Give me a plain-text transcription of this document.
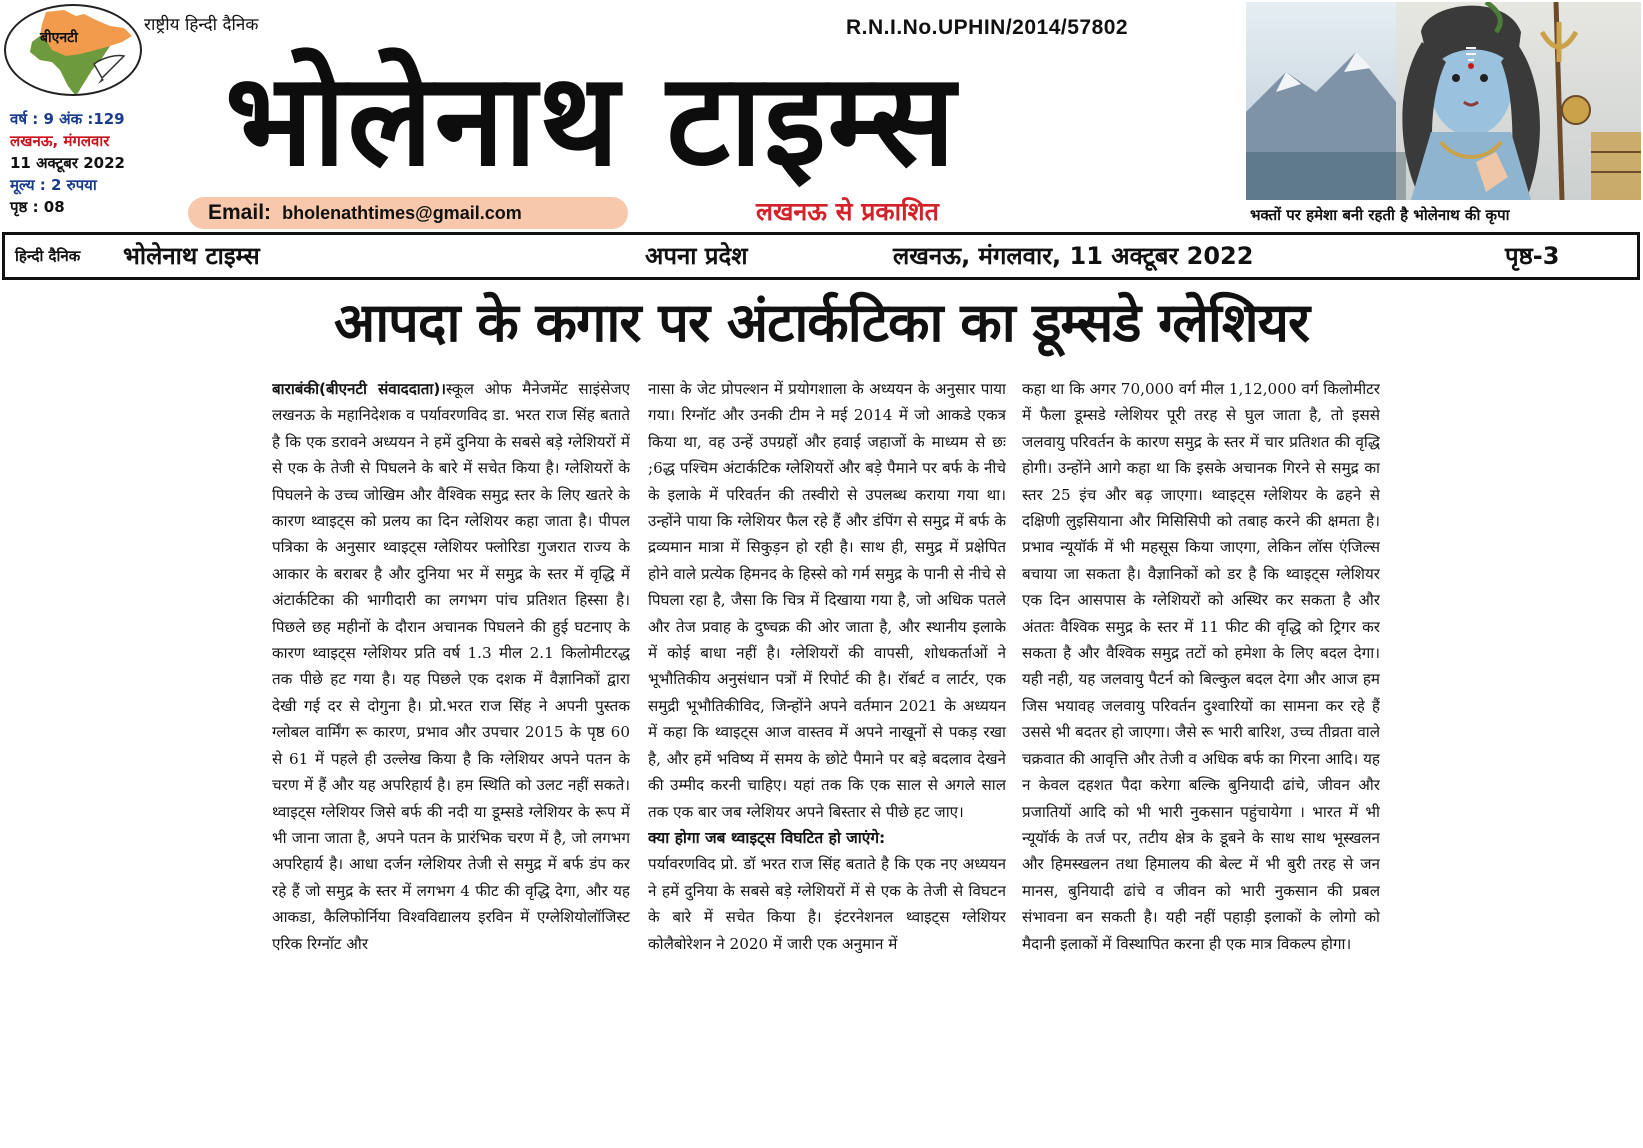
बीएनटी
राष्ट्रीय हिन्दी दैनिक
वर्ष : 9 अंक :129
लखनऊ, मंगलवार
11 अक्टूबर 2022
मूल्य : 2 रुपया
पृष्ठ : 08
R.N.I.No.UPHIN/2014/57802
भोलेनाथ टाइम्स
Email: bholenathtimes@gmail.com	लखनऊ से प्रकाशित	भक्तों पर हमेशा बनी रहती है भोलेनाथ की कृपा
हिन्दी दैनिक भोलेनाथ टाइम्स	अपना प्रदेश	लखनऊ, मंगलवार, 11 अक्टूबर 2022	पृष्ठ-3
आपदा के कगार पर अंटार्कटिका का डूम्सडे ग्लेशियर
बाराबंकी(बीएनटी संवाददाता)।स्कूल ओफ मैनेजमेंट साइंसेजए लखनऊ के महानिदेशक व पर्यावरणविद डा. भरत राज सिंह बताते है कि एक डरावने अध्ययन ने हमें दुनिया के सबसे बड़े ग्लेशियरों में से एक के तेजी से पिघलने के बारे में सचेत किया है। ग्लेशियरों के पिघलने के उच्च जोखिम और वैश्विक समुद्र स्तर के लिए खतरे के कारण थ्वाइट्स को प्रलय का दिन ग्लेशियर कहा जाता है। पीपल पत्रिका के अनुसार थ्वाइट्स ग्लेशियर फ्लोरिडा गुजरात राज्य के आकार के बराबर है और दुनिया भर में समुद्र के स्तर में वृद्धि में अंटार्कटिका की भागीदारी का लगभग पांच प्रतिशत हिस्सा है। पिछले छह महीनों के दौरान अचानक पिघलने की हुई घटनाए के कारण थ्वाइट्स ग्लेशियर प्रति वर्ष 1.3 मील 2.1 किलोमीटरद्ध तक पीछे हट गया है। यह पिछले एक दशक में वैज्ञानिकों द्वारा देखी गई दर से दोगुना है। प्रो.भरत राज सिंह ने अपनी पुस्तक ग्लोबल वार्मिंग रू कारण, प्रभाव और उपचार 2015 के पृष्ठ 60 से 61 में पहले ही उल्लेख किया है कि ग्लेशियर अपने पतन के चरण में हैं और यह अपरिहार्य है। हम स्थिति को उलट नहीं सकते।थ्वाइट्स ग्लेशियर जिसे बर्फ की नदी या डूम्सडे ग्लेशियर के रूप में भी जाना जाता है, अपने पतन के प्रारंभिक चरण में है, जो लगभग अपरिहार्य है। आधा दर्जन ग्लेशियर तेजी से समुद्र में बर्फ डंप कर रहे हैं जो समुद्र के स्तर में लगभग 4 फीट की वृद्धि देगा, और यह आकडा, कैलिफोर्निया विश्वविद्यालय इरविन में एग्लेशियोलॉजिस्ट एरिक रिग्नॉट और
नासा के जेट प्रोपल्शन में प्रयोगशाला के अध्ययन के अनुसार पाया गया। रिग्नॉट और उनकी टीम ने मई 2014 में जो आकडे एकत्र किया था, वह उन्हें उपग्रहों और हवाई जहाजों के माध्यम से छः ;6द्ध पश्चिम अंटार्कटिक ग्लेशियरों और बड़े पैमाने पर बर्फ के नीचे के इलाके में परिवर्तन की तस्वीरो से उपलब्ध कराया गया था। उन्होंने पाया कि ग्लेशियर फैल रहे हैं और डंपिंग से समुद्र में बर्फ के द्रव्यमान मात्रा में सिकुड़न हो रही है। साथ ही, समुद्र में प्रक्षेपित होने वाले प्रत्येक हिमनद के हिस्से को गर्म समुद्र के पानी से नीचे से पिघला रहा है, जैसा कि चित्र में दिखाया गया है, जो अधिक पतले और तेज प्रवाह के दुष्चक्र की ओर जाता है, और स्थानीय इलाके में कोई बाधा नहीं है। ग्लेशियरों की वापसी, शोधकर्ताओं ने भूभौतिकीय अनुसंधान पत्रों में रिपोर्ट की है। रॉबर्ट व लार्टर, एक समुद्री भूभौतिकीविद, जिन्होंने अपने वर्तमान 2021 के अध्ययन में कहा कि थ्वाइट्स आज वास्तव में अपने नाखूनों से पकड़ रखा है, और हमें भविष्य में समय के छोटे पैमाने पर बड़े बदलाव देखने की उम्मीद करनी चाहिए। यहां तक कि एक साल से अगले साल तक एक बार जब ग्लेशियर अपने बिस्तार से पीछे हट जाए।
क्या होगा जब थ्वाइट्स विघटित हो जाएंगे:
पर्यावरणविद प्रो. डॉ भरत राज सिंह बताते है कि एक नए अध्ययन ने हमें दुनिया के सबसे बड़े ग्लेशियरों में से एक के तेजी से विघटन के बारे में सचेत किया है। इंटरनेशनल थ्वाइट्स ग्लेशियर कोलैबोरेशन ने 2020 में जारी एक अनुमान में
कहा था कि अगर 70,000 वर्ग मील 1,12,000 वर्ग किलोमीटर में फैला डूम्सडे ग्लेशियर पूरी तरह से घुल जाता है, तो इससे जलवायु परिवर्तन के कारण समुद्र के स्तर में चार प्रतिशत की वृद्धि होगी। उन्होंने आगे कहा था कि इसके अचानक गिरने से समुद्र का स्तर 25 इंच और बढ़ जाएगा। थ्वाइट्स ग्लेशियर के ढहने से दक्षिणी लुइसियाना और मिसिसिपी को तबाह करने की क्षमता है। प्रभाव न्यूयॉर्क में भी महसूस किया जाएगा, लेकिन लॉस एंजिल्स बचाया जा सकता है। वैज्ञानिकों को डर है कि थ्वाइट्स ग्लेशियर एक दिन आसपास के ग्लेशियरों को अस्थिर कर सकता है और अंततः वैश्विक समुद्र के स्तर में 11 फीट की वृद्धि को ट्रिगर कर सकता है और वैश्विक समुद्र तटों को हमेशा के लिए बदल देगा। यही नही, यह जलवायु पैटर्न को बिल्कुल बदल देगा और आज हम जिस भयावह जलवायु परिवर्तन दुश्वारियों का सामना कर रहे हैं उससे भी बदतर हो जाएगा। जैसे रू भारी बारिश, उच्च तीव्रता वाले चक्रवात की आवृत्ति और तेजी व अधिक बर्फ का गिरना आदि। यह न केवल दहशत पैदा करेगा बल्कि बुनियादी ढांचे, जीवन और प्रजातियों आदि को भी भारी नुकसान पहुंचायेगा । भारत में भी न्यूयॉर्क के तर्ज पर, तटीय क्षेत्र के डूबने के साथ साथ भूस्खलन और हिमस्खलन तथा हिमालय की बेल्ट में भी बुरी तरह से जन मानस, बुनियादी ढांचे व जीवन को भारी नुकसान की प्रबल संभावना बन सकती है। यही नहीं पहाड़ी इलाकों के लोगो को मैदानी इलाकों में विस्थापित करना ही एक मात्र विकल्प होगा।
